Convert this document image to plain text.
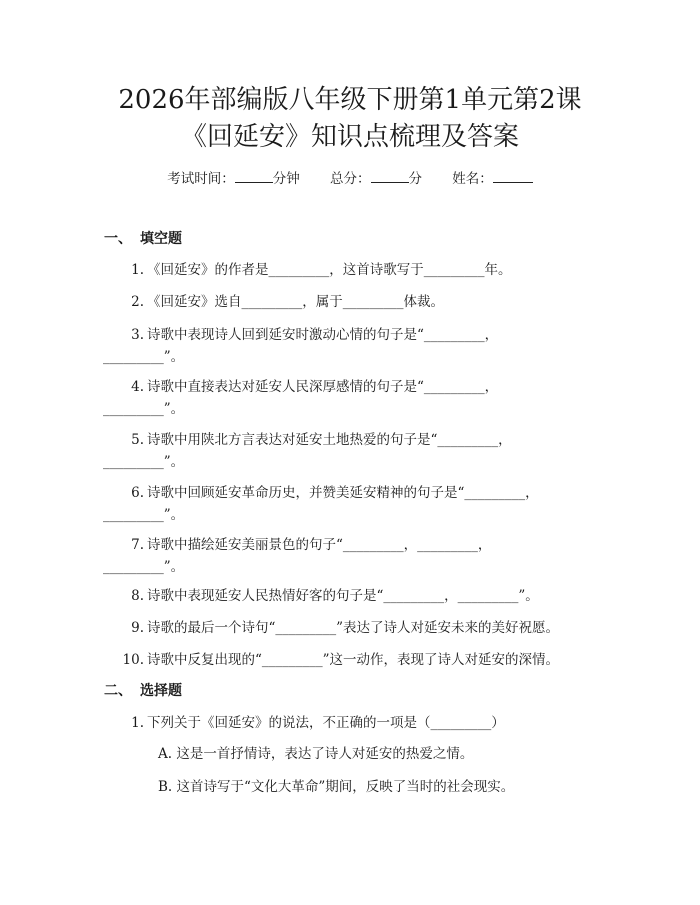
2026年部编版八年级下册第1单元第2课
《回延安》知识点梳理及答案
考试时间：	分钟 总分：	分 姓名：
一、 填空题
1. 《回延安》的作者是_________，这首诗歌写于_________年。
2. 《回延安》选自_________，属于_________体裁。
3. 诗歌中表现诗人回到延安时激动心情的句子是“_________，
_________”。
4. 诗歌中直接表达对延安人民深厚感情的句子是“_________，
_________”。
5. 诗歌中用陕北方言表达对延安土地热爱的句子是“_________，
_________”。
6. 诗歌中回顾延安革命历史，并赞美延安精神的句子是“_________，
_________”。
7. 诗歌中描绘延安美丽景色的句子“_________，_________，
_________”。
8. 诗歌中表现延安人民热情好客的句子是“_________，_________”。
9. 诗歌的最后一个诗句“_________”表达了诗人对延安未来的美好祝愿。
10. 诗歌中反复出现的“_________”这一动作，表现了诗人对延安的深情。
二、 选择题
1. 下列关于《回延安》的说法，不正确的一项是（_________）
A. 这是一首抒情诗，表达了诗人对延安的热爱之情。
B. 这首诗写于“文化大革命”期间，反映了当时的社会现实。
